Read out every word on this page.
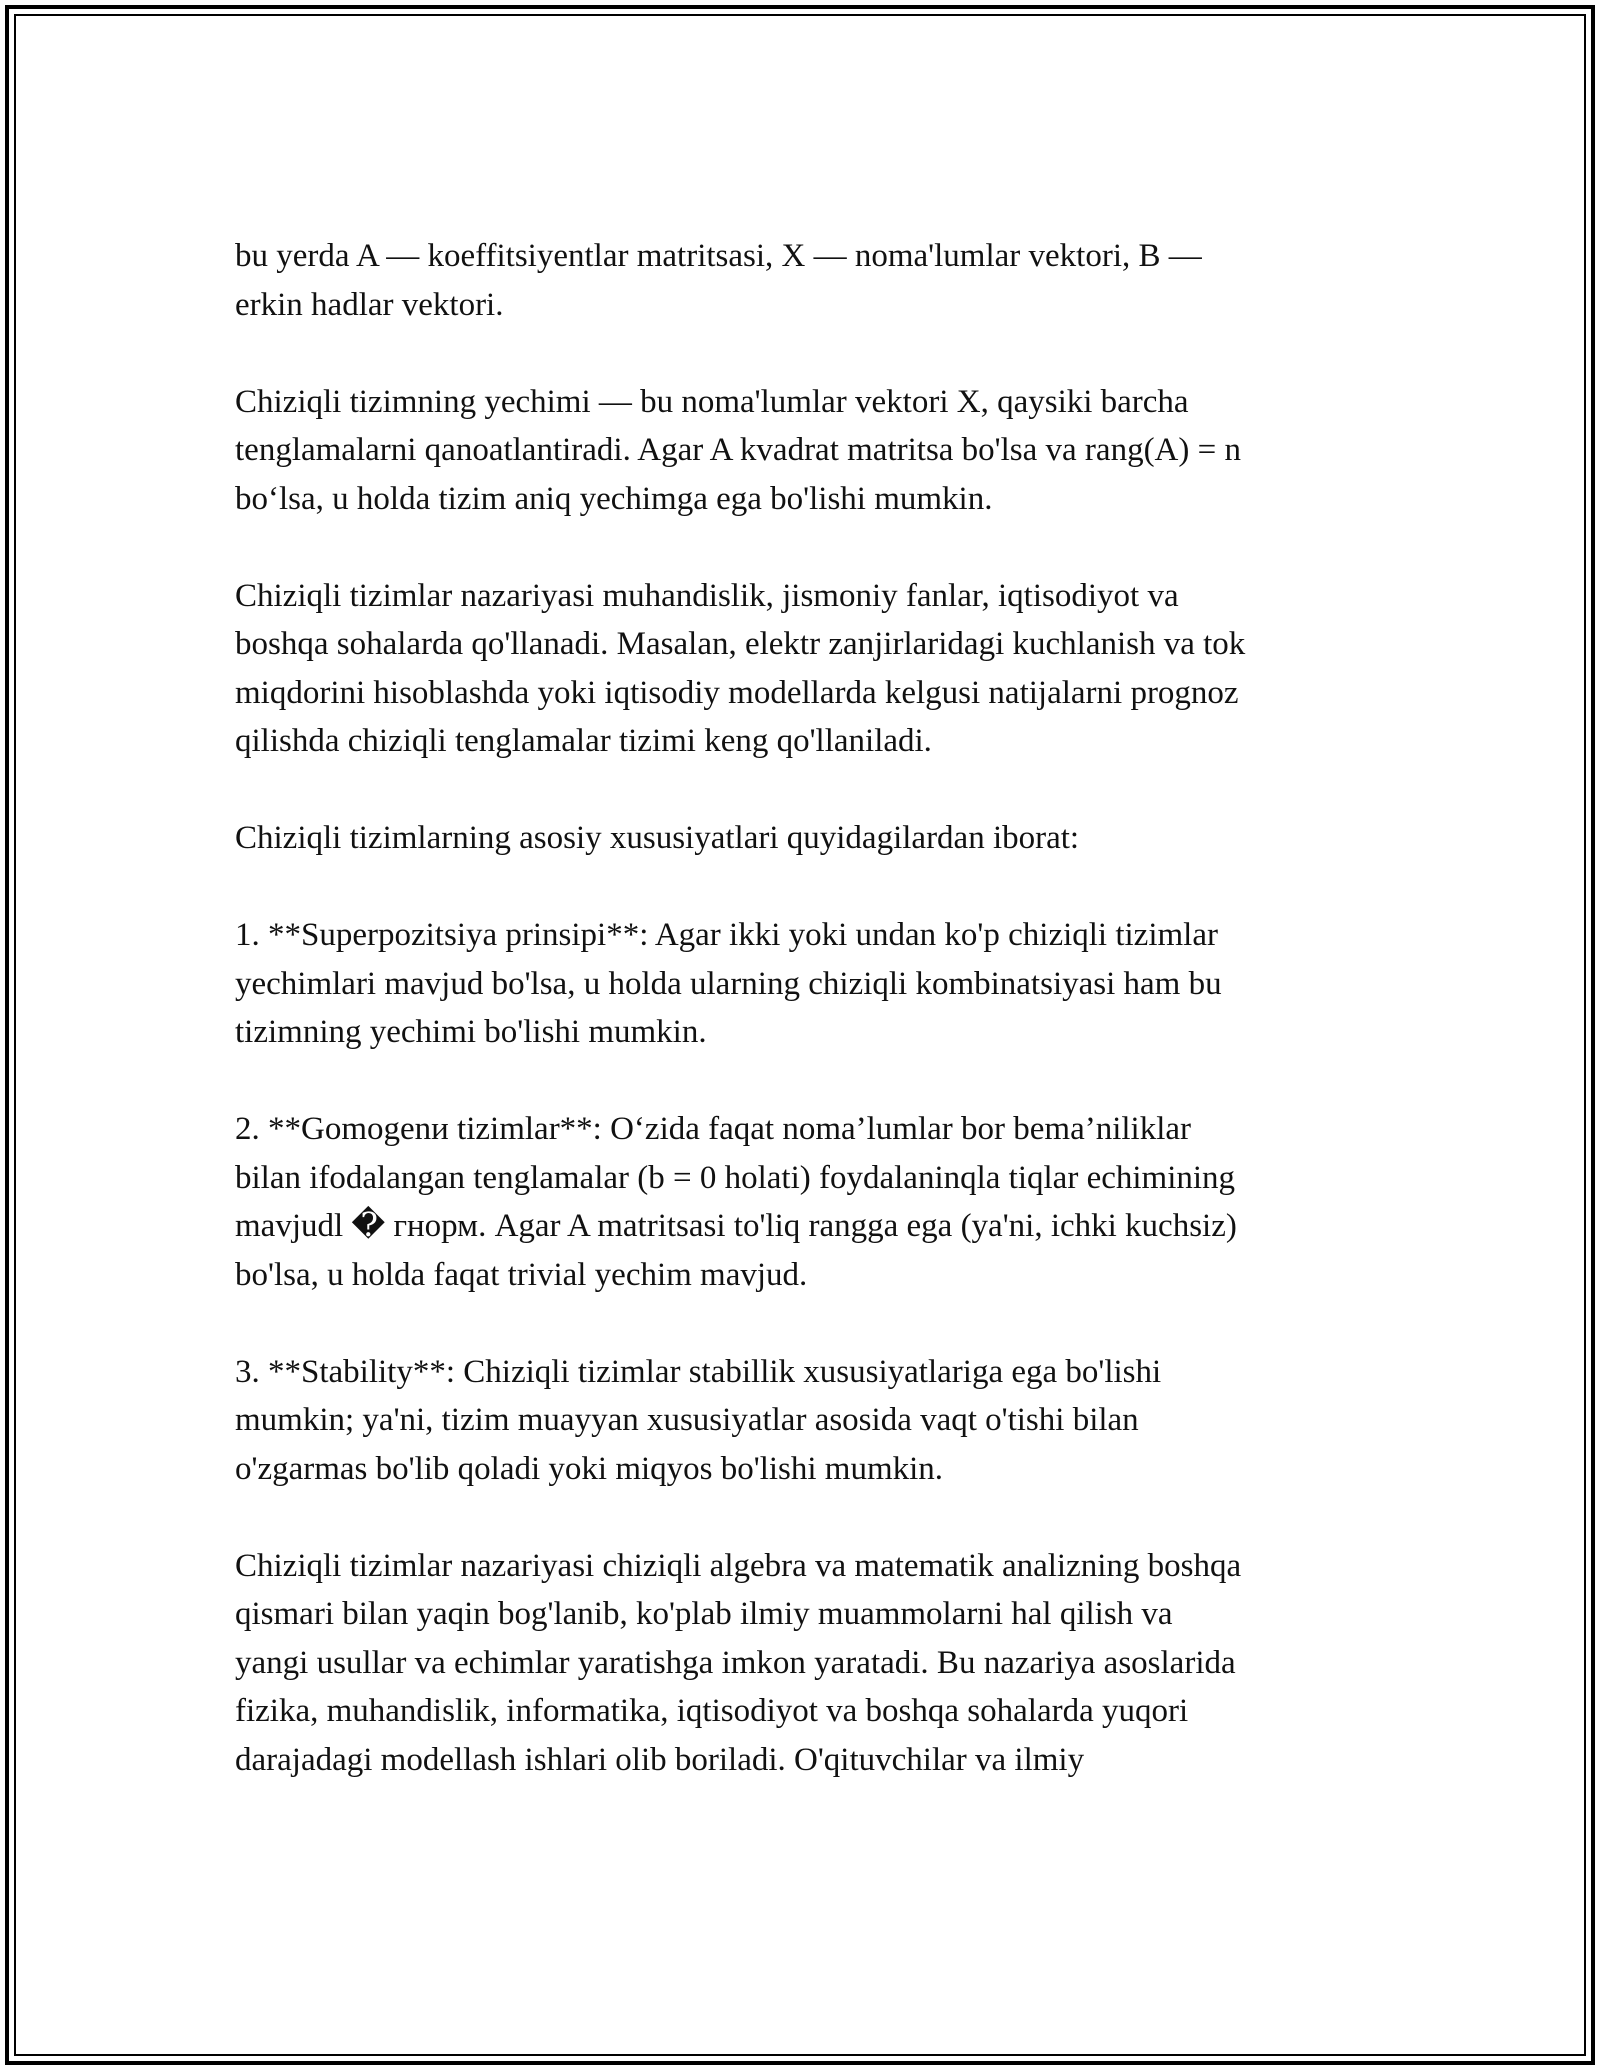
bu yerda A — koeffitsiyentlar matritsasi, X — noma'lumlar vektori, B —
erkin hadlar vektori.

Chiziqli tizimning yechimi — bu noma'lumlar vektori X, qaysiki barcha
tenglamalarni qanoatlantiradi. Agar A kvadrat matritsa bo'lsa va rang(A) = n
bo‘lsa, u holda tizim aniq yechimga ega bo'lishi mumkin.

Chiziqli tizimlar nazariyasi muhandislik, jismoniy fanlar, iqtisodiyot va
boshqa sohalarda qo'llanadi. Masalan, elektr zanjirlaridagi kuchlanish va tok
miqdorini hisoblashda yoki iqtisodiy modellarda kelgusi natijalarni prognoz
qilishda chiziqli tenglamalar tizimi keng qo'llaniladi.

Chiziqli tizimlarning asosiy xususiyatlari quyidagilardan iborat:

1. **Superpozitsiya prinsipi**: Agar ikki yoki undan ko'p chiziqli tizimlar
yechimlari mavjud bo'lsa, u holda ularning chiziqli kombinatsiyasi ham bu
tizimning yechimi bo'lishi mumkin.

2. **Gomogenи tizimlar**: O‘zida faqat noma’lumlar bor bema’niliklar
bilan ifodalangan tenglamalar (b = 0 holati) foydalaninqla tiqlar echimining
mavjudl � гнорм. Agar A matritsasi to'liq rangga ega (ya'ni, ichki kuchsiz)
bo'lsa, u holda faqat trivial yechim mavjud.

3. **Stability**: Chiziqli tizimlar stabillik xususiyatlariga ega bo'lishi
mumkin; ya'ni, tizim muayyan xususiyatlar asosida vaqt o'tishi bilan
o'zgarmas bo'lib qoladi yoki miqyos bo'lishi mumkin.

Chiziqli tizimlar nazariyasi chiziqli algebra va matematik analizning boshqa
qismari bilan yaqin bog'lanib, ko'plab ilmiy muammolarni hal qilish va
yangi usullar va echimlar yaratishga imkon yaratadi. Bu nazariya asoslarida
fizika, muhandislik, informatika, iqtisodiyot va boshqa sohalarda yuqori
darajadagi modellash ishlari olib boriladi. O'qituvchilar va ilmiy
